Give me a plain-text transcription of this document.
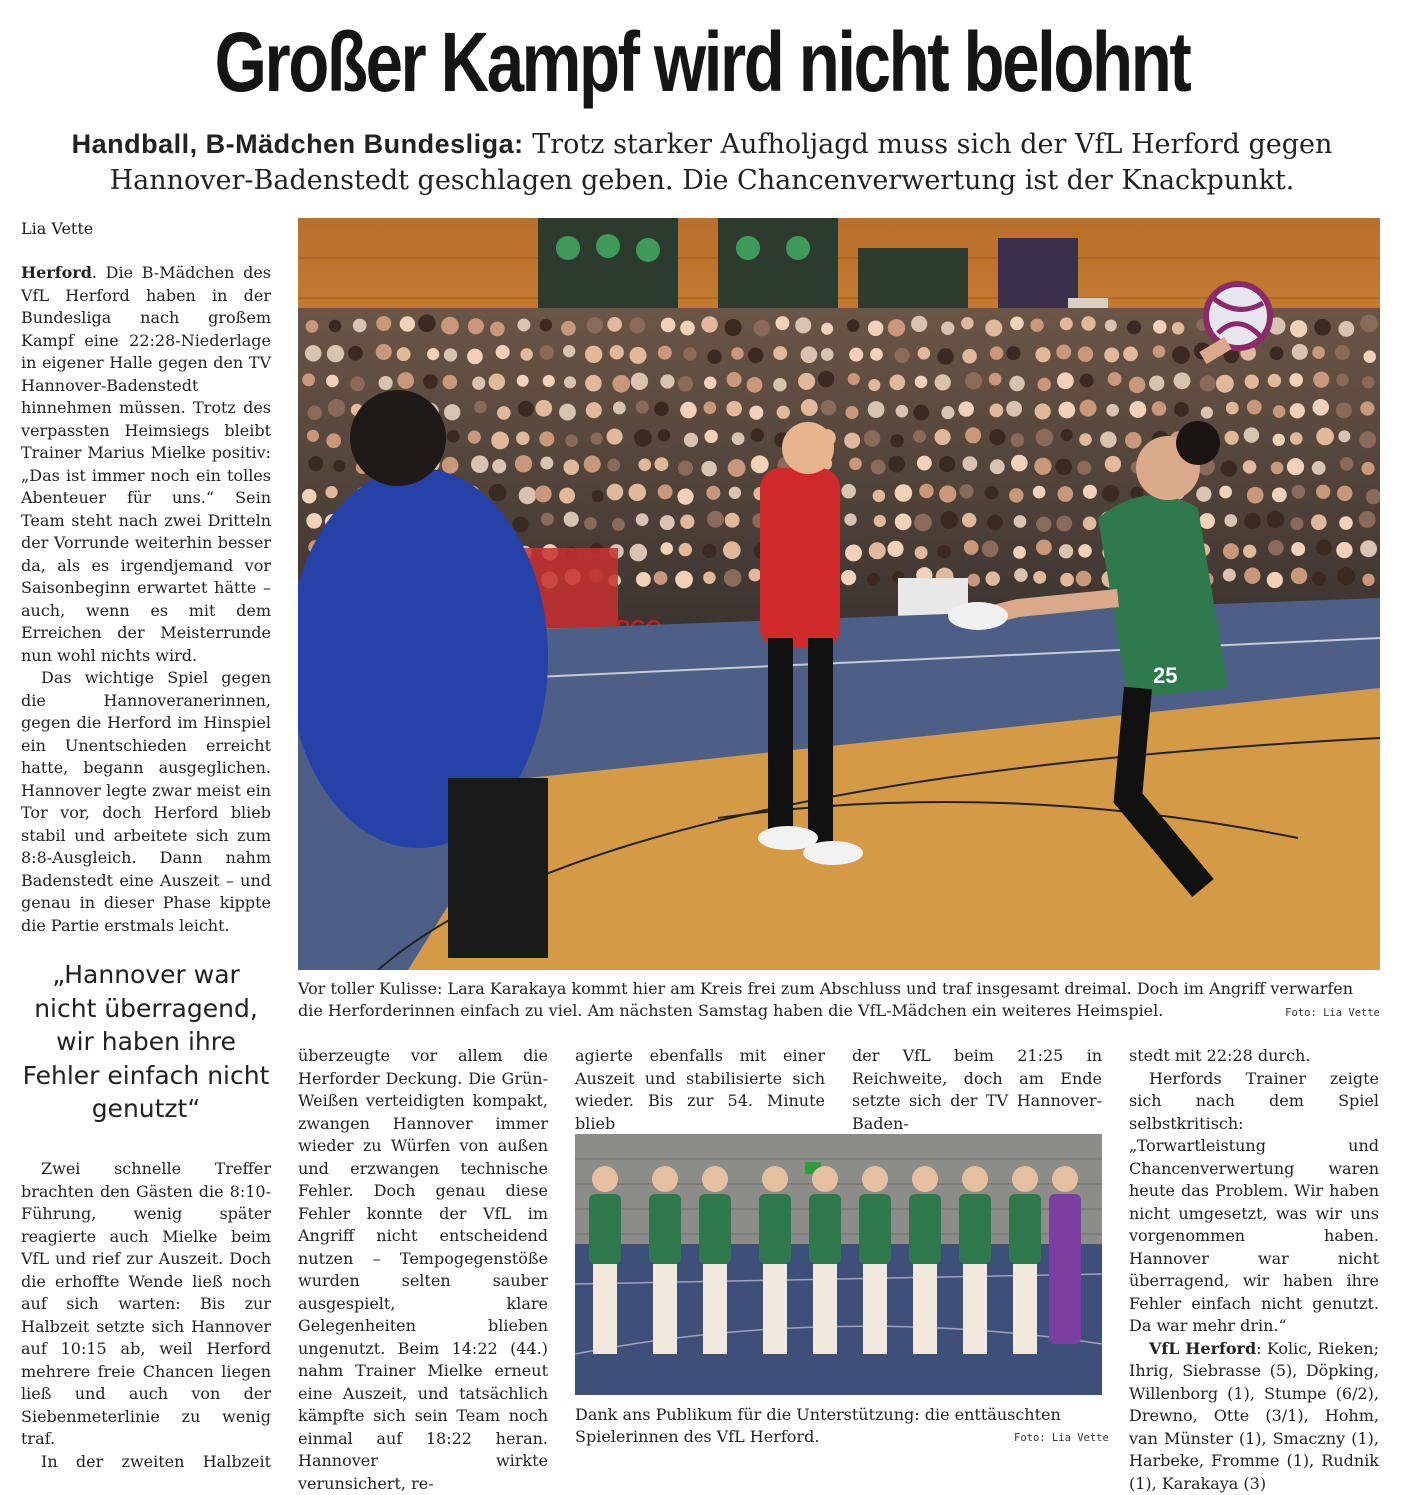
Großer Kampf wird nicht belohnt
Handball, B-Mädchen Bundesliga: Trotz starker Aufholjagd muss sich der VfL Herford gegen Hannover-Badenstedt geschlagen geben. Die Chancenverwertung ist der Knackpunkt.
Lia Vette

Herford. Die B-Mädchen des VfL Herford haben in der Bundesliga nach großem Kampf eine 22:28-Niederlage in eigener Halle gegen den TV Hannover-Badenstedt hinnehmen müssen. Trotz des verpassten Heimsiegs bleibt Trainer Marius Mielke positiv: „Das ist immer noch ein tolles Abenteuer für uns.“ Sein Team steht nach zwei Dritteln der Vorrunde weiterhin besser da, als es irgendjemand vor Saisonbeginn erwartet hätte – auch, wenn es mit dem Erreichen der Meisterrunde nun wohl nichts wird.

Das wichtige Spiel gegen die Hannoveranerinnen, gegen die Herford im Hinspiel ein Unentschieden erreicht hatte, begann ausgeglichen. Hannover legte zwar meist ein Tor vor, doch Herford blieb stabil und arbeitete sich zum 8:8-Ausgleich. Dann nahm Badenstedt eine Auszeit – und genau in dieser Phase kippte die Partie erstmals leicht.

„Hannover war nicht überragend, wir haben ihre Fehler einfach nicht genutzt“

Zwei schnelle Treffer brachten den Gästen die 8:10-Führung, wenig später reagierte auch Mielke beim VfL und rief zur Auszeit. Doch die erhoffte Wende ließ noch auf sich warten: Bis zur Halbzeit setzte sich Hannover auf 10:15 ab, weil Herford mehrere freie Chancen liegen ließ und auch von der Siebenmeterlinie zu wenig traf.

In der zweiten Halbzeit

überzeugte vor allem die Herforder Deckung. Die Grün-Weißen verteidigten kompakt, zwangen Hannover immer wieder zu Würfen von außen und erzwangen technische Fehler. Doch genau diese Fehler konnte der VfL im Angriff nicht entscheidend nutzen – Tempogegenstöße wurden selten sauber ausgespielt, klare Gelegenheiten blieben ungenutzt. Beim 14:22 (44.) nahm Trainer Mielke erneut eine Auszeit, und tatsächlich kämpfte sich sein Team noch einmal auf 18:22 heran. Hannover wirkte verunsichert, re-

agierte ebenfalls mit einer Auszeit und stabilisierte sich wieder. Bis zur 54. Minute blieb

der VfL beim 21:25 in Reichweite, doch am Ende setzte sich der TV Hannover-Baden-

stedt mit 22:28 durch.

Herfords Trainer zeigte sich nach dem Spiel selbstkritisch: „Torwartleistung und Chancenverwertung waren heute das Problem. Wir haben nicht umgesetzt, was wir uns vorgenommen haben. Hannover war nicht überragend, wir haben ihre Fehler einfach nicht genutzt. Da war mehr drin.“

VfL Herford: Kolic, Rieken; Ihrig, Siebrasse (5), Döpking, Willenborg (1), Stumpe (6/2), Drewno, Otte (3/1), Hohm, van Münster (1), Smaczny (1), Harbeke, Fromme (1), Rudnik (1), Karakaya (3)

25
Vor toller Kulisse: Lara Karakaya kommt hier am Kreis frei zum Abschluss und traf insgesamt dreimal. Doch im Angriff verwarfen die Herforderinnen einfach zu viel. Am nächsten Samstag haben die VfL-Mädchen ein weiteres Heimspiel.	Foto: Lia Vette
Dank ans Publikum für die Unterstützung: die enttäuschten Spielerinnen des VfL Herford.	Foto: Lia Vette
